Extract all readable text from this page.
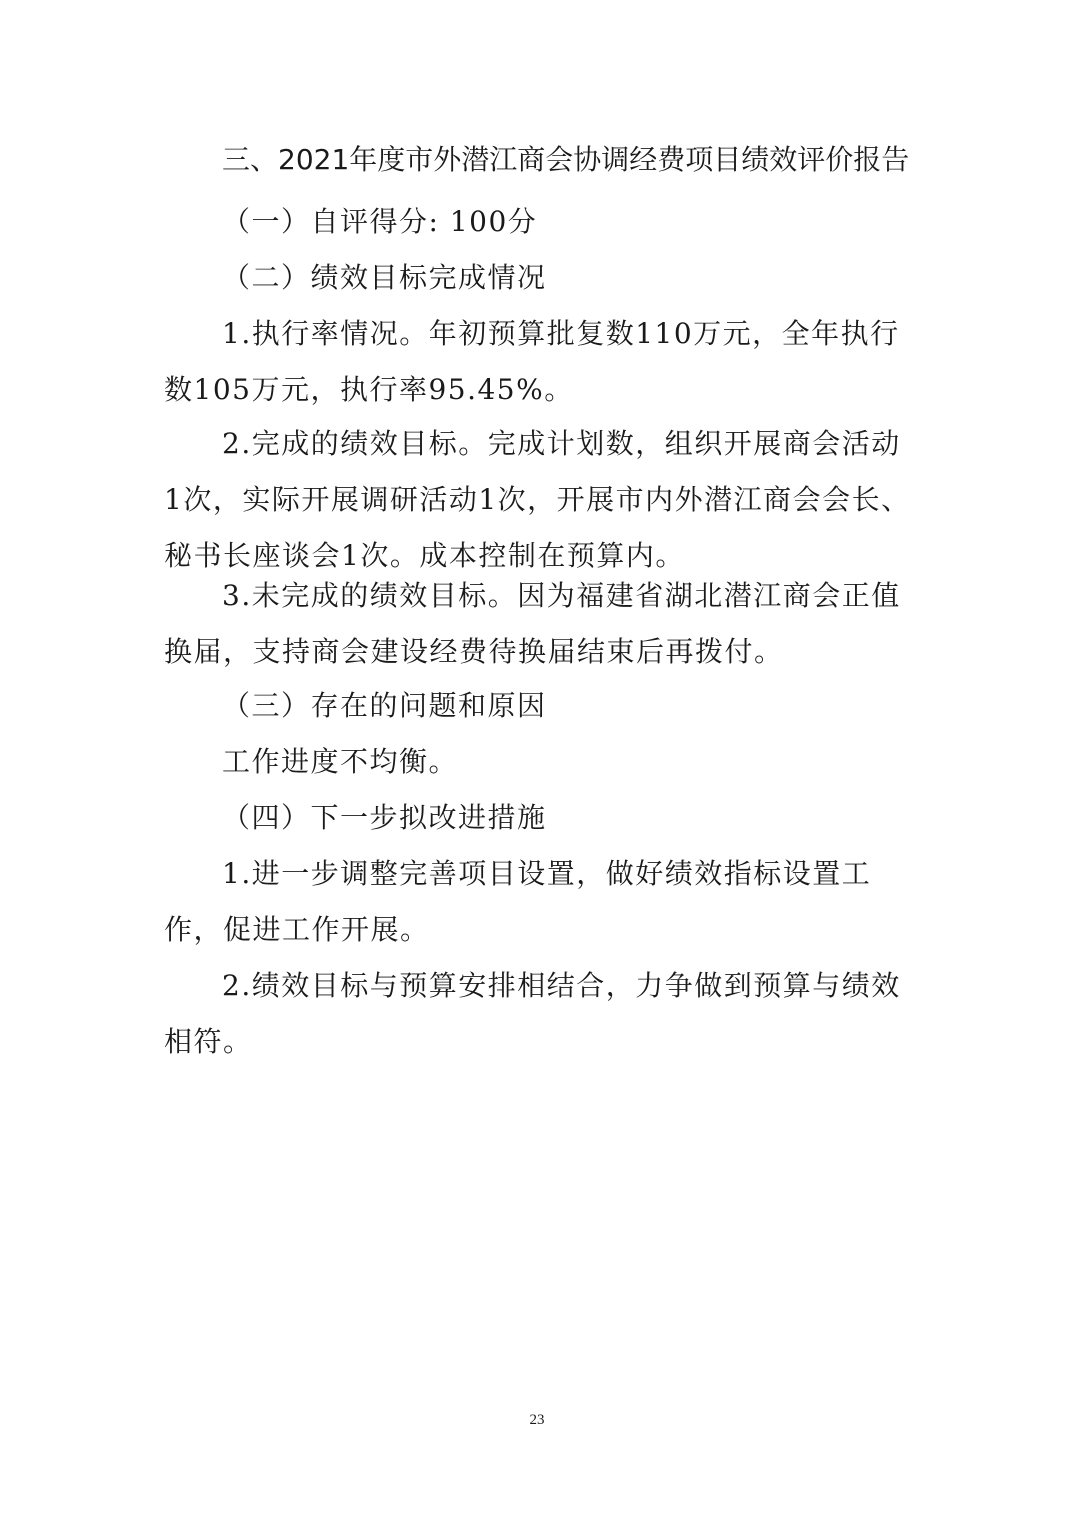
三、2021年度市外潜江商会协调经费项目绩效评价报告
（一）自评得分: 100分
（二）绩效目标完成情况
1.执行率情况。年初预算批复数110万元，全年执行数105万元，执行率95.45%。
2.完成的绩效目标。完成计划数，组织开展商会活动1次，实际开展调研活动1次，开展市内外潜江商会会长、秘书长座谈会1次。成本控制在预算内。
3.未完成的绩效目标。因为福建省湖北潜江商会正值换届，支持商会建设经费待换届结束后再拨付。
（三）存在的问题和原因
工作进度不均衡。
（四）下一步拟改进措施
1.进一步调整完善项目设置，做好绩效指标设置工作，促进工作开展。
2.绩效目标与预算安排相结合，力争做到预算与绩效相符。
23
